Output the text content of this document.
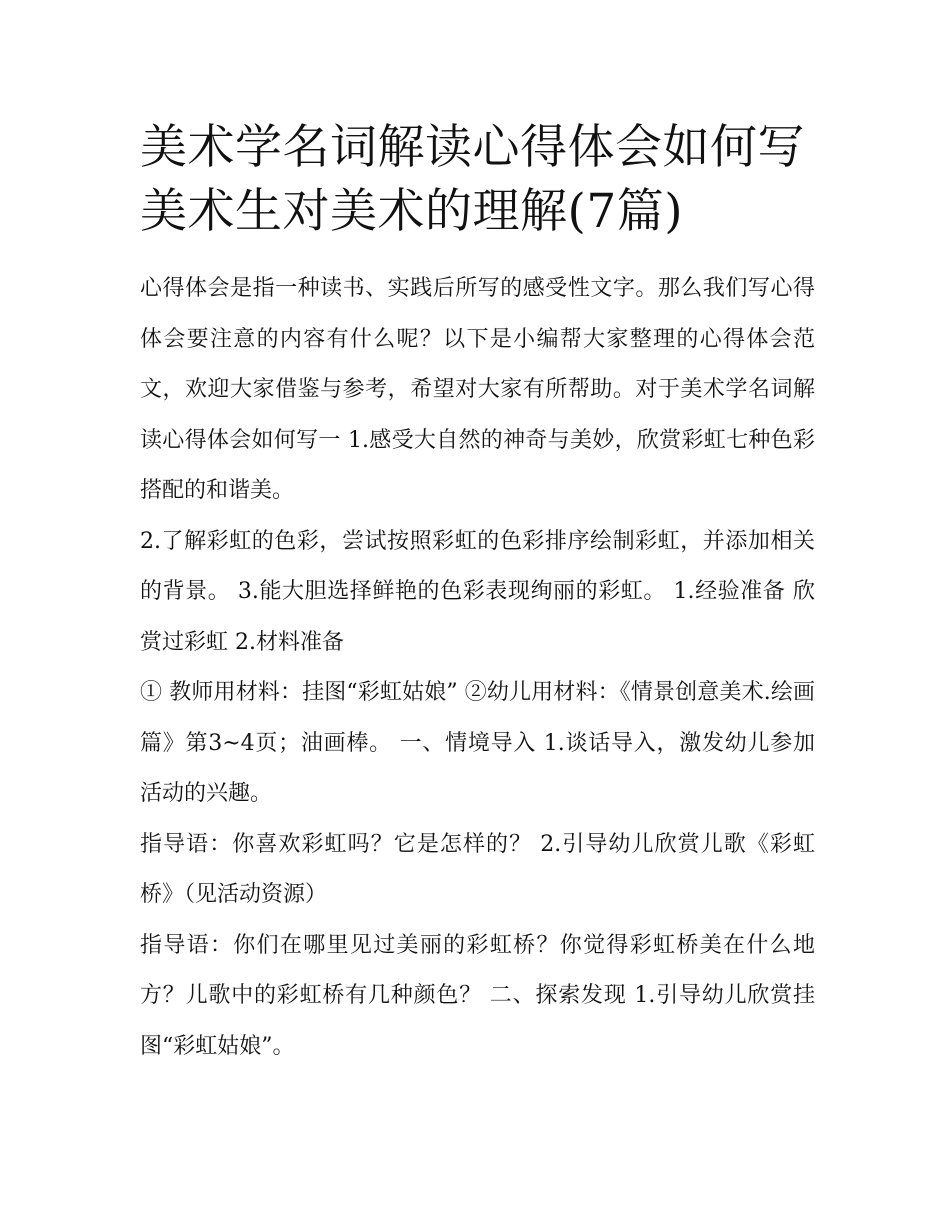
美术学名词解读心得体会如何写 美术生对美术的理解(7篇)

心得体会是指一种读书、实践后所写的感受性文字。那么我们写心得体会要注意的内容有什么呢？以下是小编帮大家整理的心得体会范文，欢迎大家借鉴与参考，希望对大家有所帮助。对于美术学名词解读心得体会如何写一 1.感受大自然的神奇与美妙，欣赏彩虹七种色彩搭配的和谐美。

2.了解彩虹的色彩，尝试按照彩虹的色彩排序绘制彩虹，并添加相关的背景。 3.能大胆选择鲜艳的色彩表现绚丽的彩虹。 1.经验准备 欣赏过彩虹 2.材料准备

① 教师用材料：挂图“彩虹姑娘” ②幼儿用材料：《情景创意美术.绘画篇》第3~4页；油画棒。 一、情境导入 1.谈话导入，激发幼儿参加活动的兴趣。

指导语：你喜欢彩虹吗？它是怎样的？ 2.引导幼儿欣赏儿歌《彩虹桥》（见活动资源）

指导语：你们在哪里见过美丽的彩虹桥？你觉得彩虹桥美在什么地方？儿歌中的彩虹桥有几种颜色？ 二、探索发现 1.引导幼儿欣赏挂图“彩虹姑娘”。
